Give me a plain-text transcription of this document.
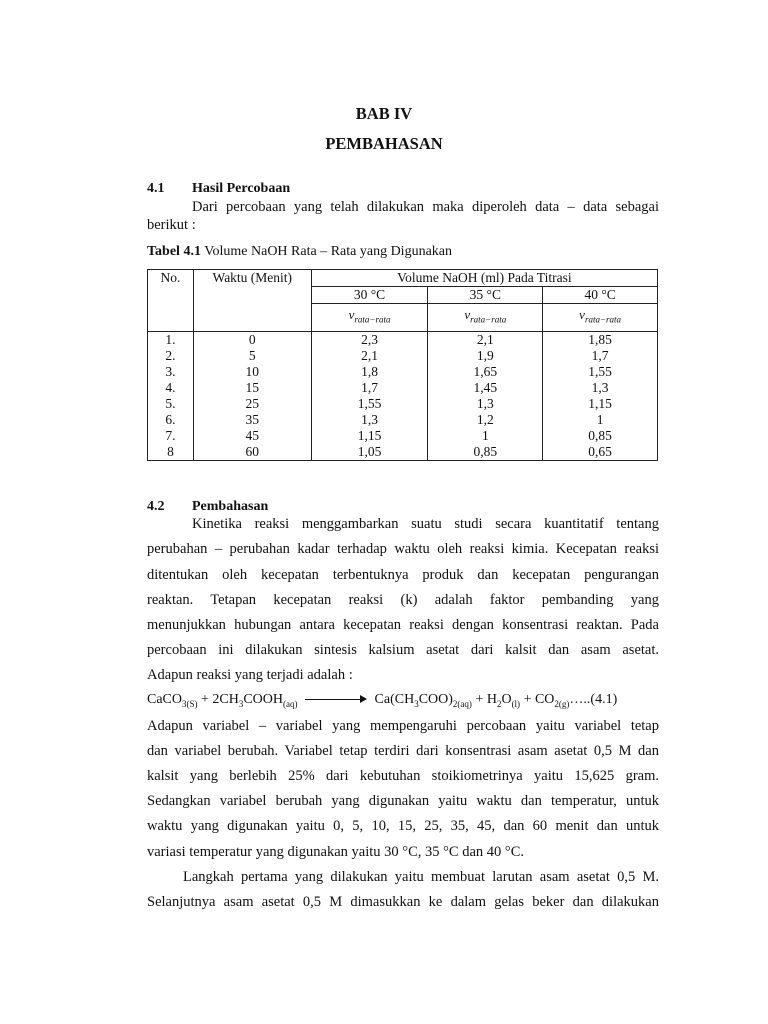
BAB IV
PEMBAHASAN
4.1 Hasil Percobaan
Dari percobaan yang telah dilakukan maka diperoleh data – data sebagai
berikut :
Tabel 4.1 Volume NaOH Rata – Rata yang Digunakan
No.	Waktu (Menit)	Volume NaOH (ml) Pada Titrasi		
		30 °C	35 °C	40 °C
		$v_{rata-rata}$	$v_{rata-rata}$	$v_{rata-rata}$
1.	0	2,3	2,1	1,85
2.	5	2,1	1,9	1,7
3.	10	1,8	1,65	1,55
4.	15	1,7	1,45	1,3
5.	25	1,55	1,3	1,15
6.	35	1,3	1,2	1
7.	45	1,15	1	0,85
8	60	1,05	0,85	0,65
4.2 Pembahasan
Kinetika reaksi menggambarkan suatu studi secara kuantitatif tentang
perubahan – perubahan kadar terhadap waktu oleh reaksi kimia. Kecepatan reaksi
ditentukan oleh kecepatan terbentuknya produk dan kecepatan pengurangan
reaktan. Tetapan kecepatan reaksi (k) adalah faktor pembanding yang
menunjukkan hubungan antara kecepatan reaksi dengan konsentrasi reaktan. Pada
percobaan ini dilakukan sintesis kalsium asetat dari kalsit dan asam asetat.
Adapun reaksi yang terjadi adalah :
CaCO$_{3(S)}$ + $2CH_3COOH_{(aq)}$	$Ca(CH_3COO)_{2(aq)} + H_2O_{(l)}$ + $CO_{2(g)}\dots..(4.1)$
Adapun variabel – variabel yang mempengaruhi percobaan yaitu variabel tetap
dan variabel berubah. Variabel tetap terdiri dari konsentrasi asam asetat 0,5 M dan
kalsit yang berlebih 25% dari kebutuhan stoikiometrinya yaitu 15,625 gram.
Sedangkan variabel berubah yang digunakan yaitu waktu dan temperatur, untuk
waktu yang digunakan yaitu 0, 5, 10, 15, 25, 35, 45, dan 60 menit dan untuk
variasi temperatur yang digunakan yaitu 30 °C, 35 °C dan 40 °C.
Langkah pertama yang dilakukan yaitu membuat larutan asam asetat 0,5 M.
Selanjutnya asam asetat 0,5 M dimasukkan ke dalam gelas beker dan dilakukan
